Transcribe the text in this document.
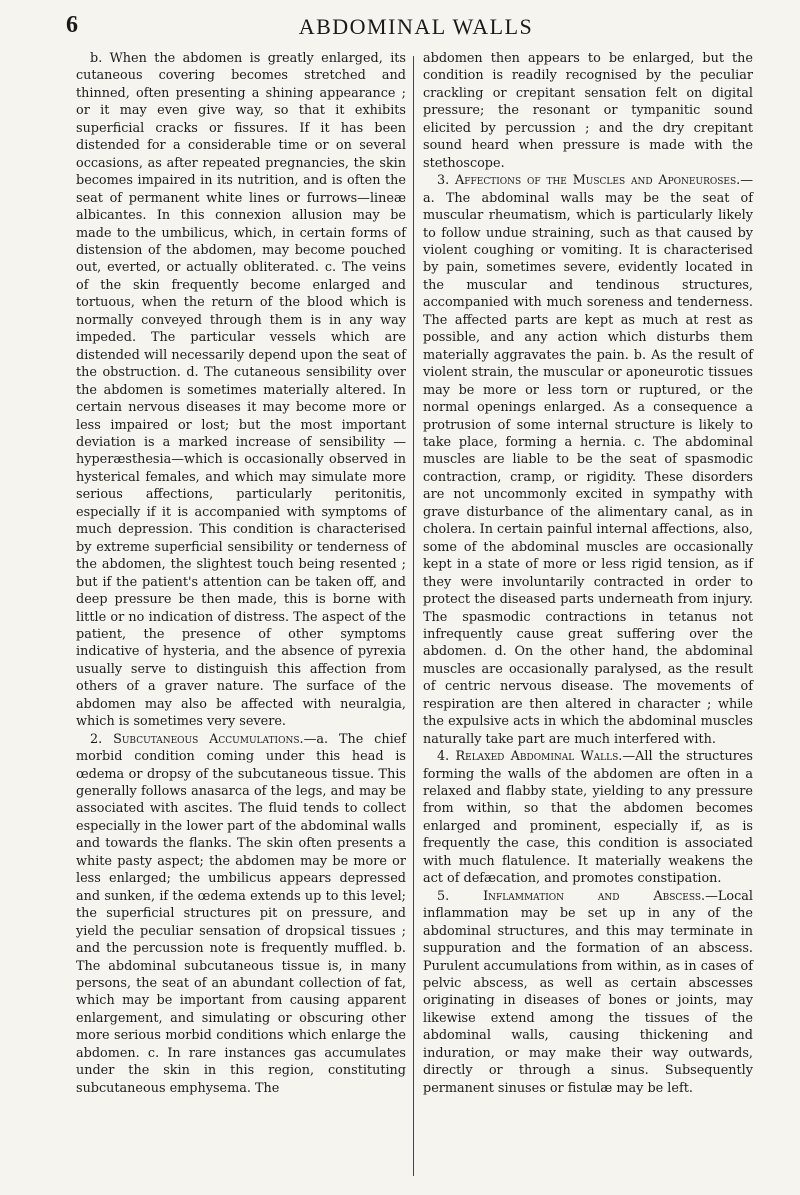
6	ABDOMINAL WALLS

b. When the abdomen is greatly enlarged, its cutaneous covering becomes stretched and thinned, often presenting a shining appearance ; or it may even give way, so that it exhibits superficial cracks or fissures. If it has been distended for a considerable time or on several occasions, as after repeated pregnancies, the skin becomes impaired in its nutrition, and is often the seat of permanent white lines or furrows—lineæ albicantes. In this connexion allusion may be made to the umbilicus, which, in certain forms of distension of the abdomen, may become pouched out, everted, or actually obliterated. c. The veins of the skin frequently become enlarged and tortuous, when the return of the blood which is normally conveyed through them is in any way impeded. The particular vessels which are distended will necessarily depend upon the seat of the obstruction. d. The cutaneous sensibility over the abdomen is sometimes materially altered. In certain nervous diseases it may become more or less impaired or lost; but the most important deviation is a marked increase of sensibility —hyperæsthesia—which is occasionally observed in hysterical females, and which may simulate more serious affections, particularly peritonitis, especially if it is accompanied with symptoms of much depression. This condition is characterised by extreme superficial sensibility or tenderness of the abdomen, the slightest touch being resented ; but if the patient's attention can be taken off, and deep pressure be then made, this is borne with little or no indication of distress. The aspect of the patient, the presence of other symptoms indicative of hysteria, and the absence of pyrexia usually serve to distinguish this affection from others of a graver nature. The surface of the abdomen may also be affected with neuralgia, which is sometimes very severe.

2. Subcutaneous Accumulations.—a. The chief morbid condition coming under this head is œdema or dropsy of the subcutaneous tissue. This generally follows anasarca of the legs, and may be associated with ascites. The fluid tends to collect especially in the lower part of the abdominal walls and towards the flanks. The skin often presents a white pasty aspect; the abdomen may be more or less enlarged; the umbilicus appears depressed and sunken, if the œdema extends up to this level; the superficial structures pit on pressure, and yield the peculiar sensation of dropsical tissues ; and the percussion note is frequently muffled. b. The abdominal subcutaneous tissue is, in many persons, the seat of an abundant collection of fat, which may be important from causing apparent enlargement, and simulating or obscuring other more serious morbid conditions which enlarge the abdomen. c. In rare instances gas accumulates under the skin in this region, constituting subcutaneous emphysema. The

abdomen then appears to be enlarged, but the condition is readily recognised by the peculiar crackling or crepitant sensation felt on digital pressure; the resonant or tympanitic sound elicited by percussion ; and the dry crepitant sound heard when pressure is made with the stethoscope.

3. Affections of the Muscles and Aponeuroses.—a. The abdominal walls may be the seat of muscular rheumatism, which is particularly likely to follow undue straining, such as that caused by violent coughing or vomiting. It is characterised by pain, sometimes severe, evidently located in the muscular and tendinous structures, accompanied with much soreness and tenderness. The affected parts are kept as much at rest as possible, and any action which disturbs them materially aggravates the pain. b. As the result of violent strain, the muscular or aponeurotic tissues may be more or less torn or ruptured, or the normal openings enlarged. As a consequence a protrusion of some internal structure is likely to take place, forming a hernia. c. The abdominal muscles are liable to be the seat of spasmodic contraction, cramp, or rigidity. These disorders are not uncommonly excited in sympathy with grave disturbance of the alimentary canal, as in cholera. In certain painful internal affections, also, some of the abdominal muscles are occasionally kept in a state of more or less rigid tension, as if they were involuntarily contracted in order to protect the diseased parts underneath from injury. The spasmodic contractions in tetanus not infrequently cause great suffering over the abdomen. d. On the other hand, the abdominal muscles are occasionally paralysed, as the result of centric nervous disease. The movements of respiration are then altered in character ; while the expulsive acts in which the abdominal muscles naturally take part are much interfered with.

4. Relaxed Abdominal Walls.—All the structures forming the walls of the abdomen are often in a relaxed and flabby state, yielding to any pressure from within, so that the abdomen becomes enlarged and prominent, especially if, as is frequently the case, this condition is associated with much flatulence. It materially weakens the act of defæcation, and promotes constipation.

5. Inflammation and Abscess.—Local inflammation may be set up in any of the abdominal structures, and this may terminate in suppuration and the formation of an abscess. Purulent accumulations from within, as in cases of pelvic abscess, as well as certain abscesses originating in diseases of bones or joints, may likewise extend among the tissues of the abdominal walls, causing thickening and induration, or may make their way outwards, directly or through a sinus. Subsequently permanent sinuses or fistulæ may be left.
